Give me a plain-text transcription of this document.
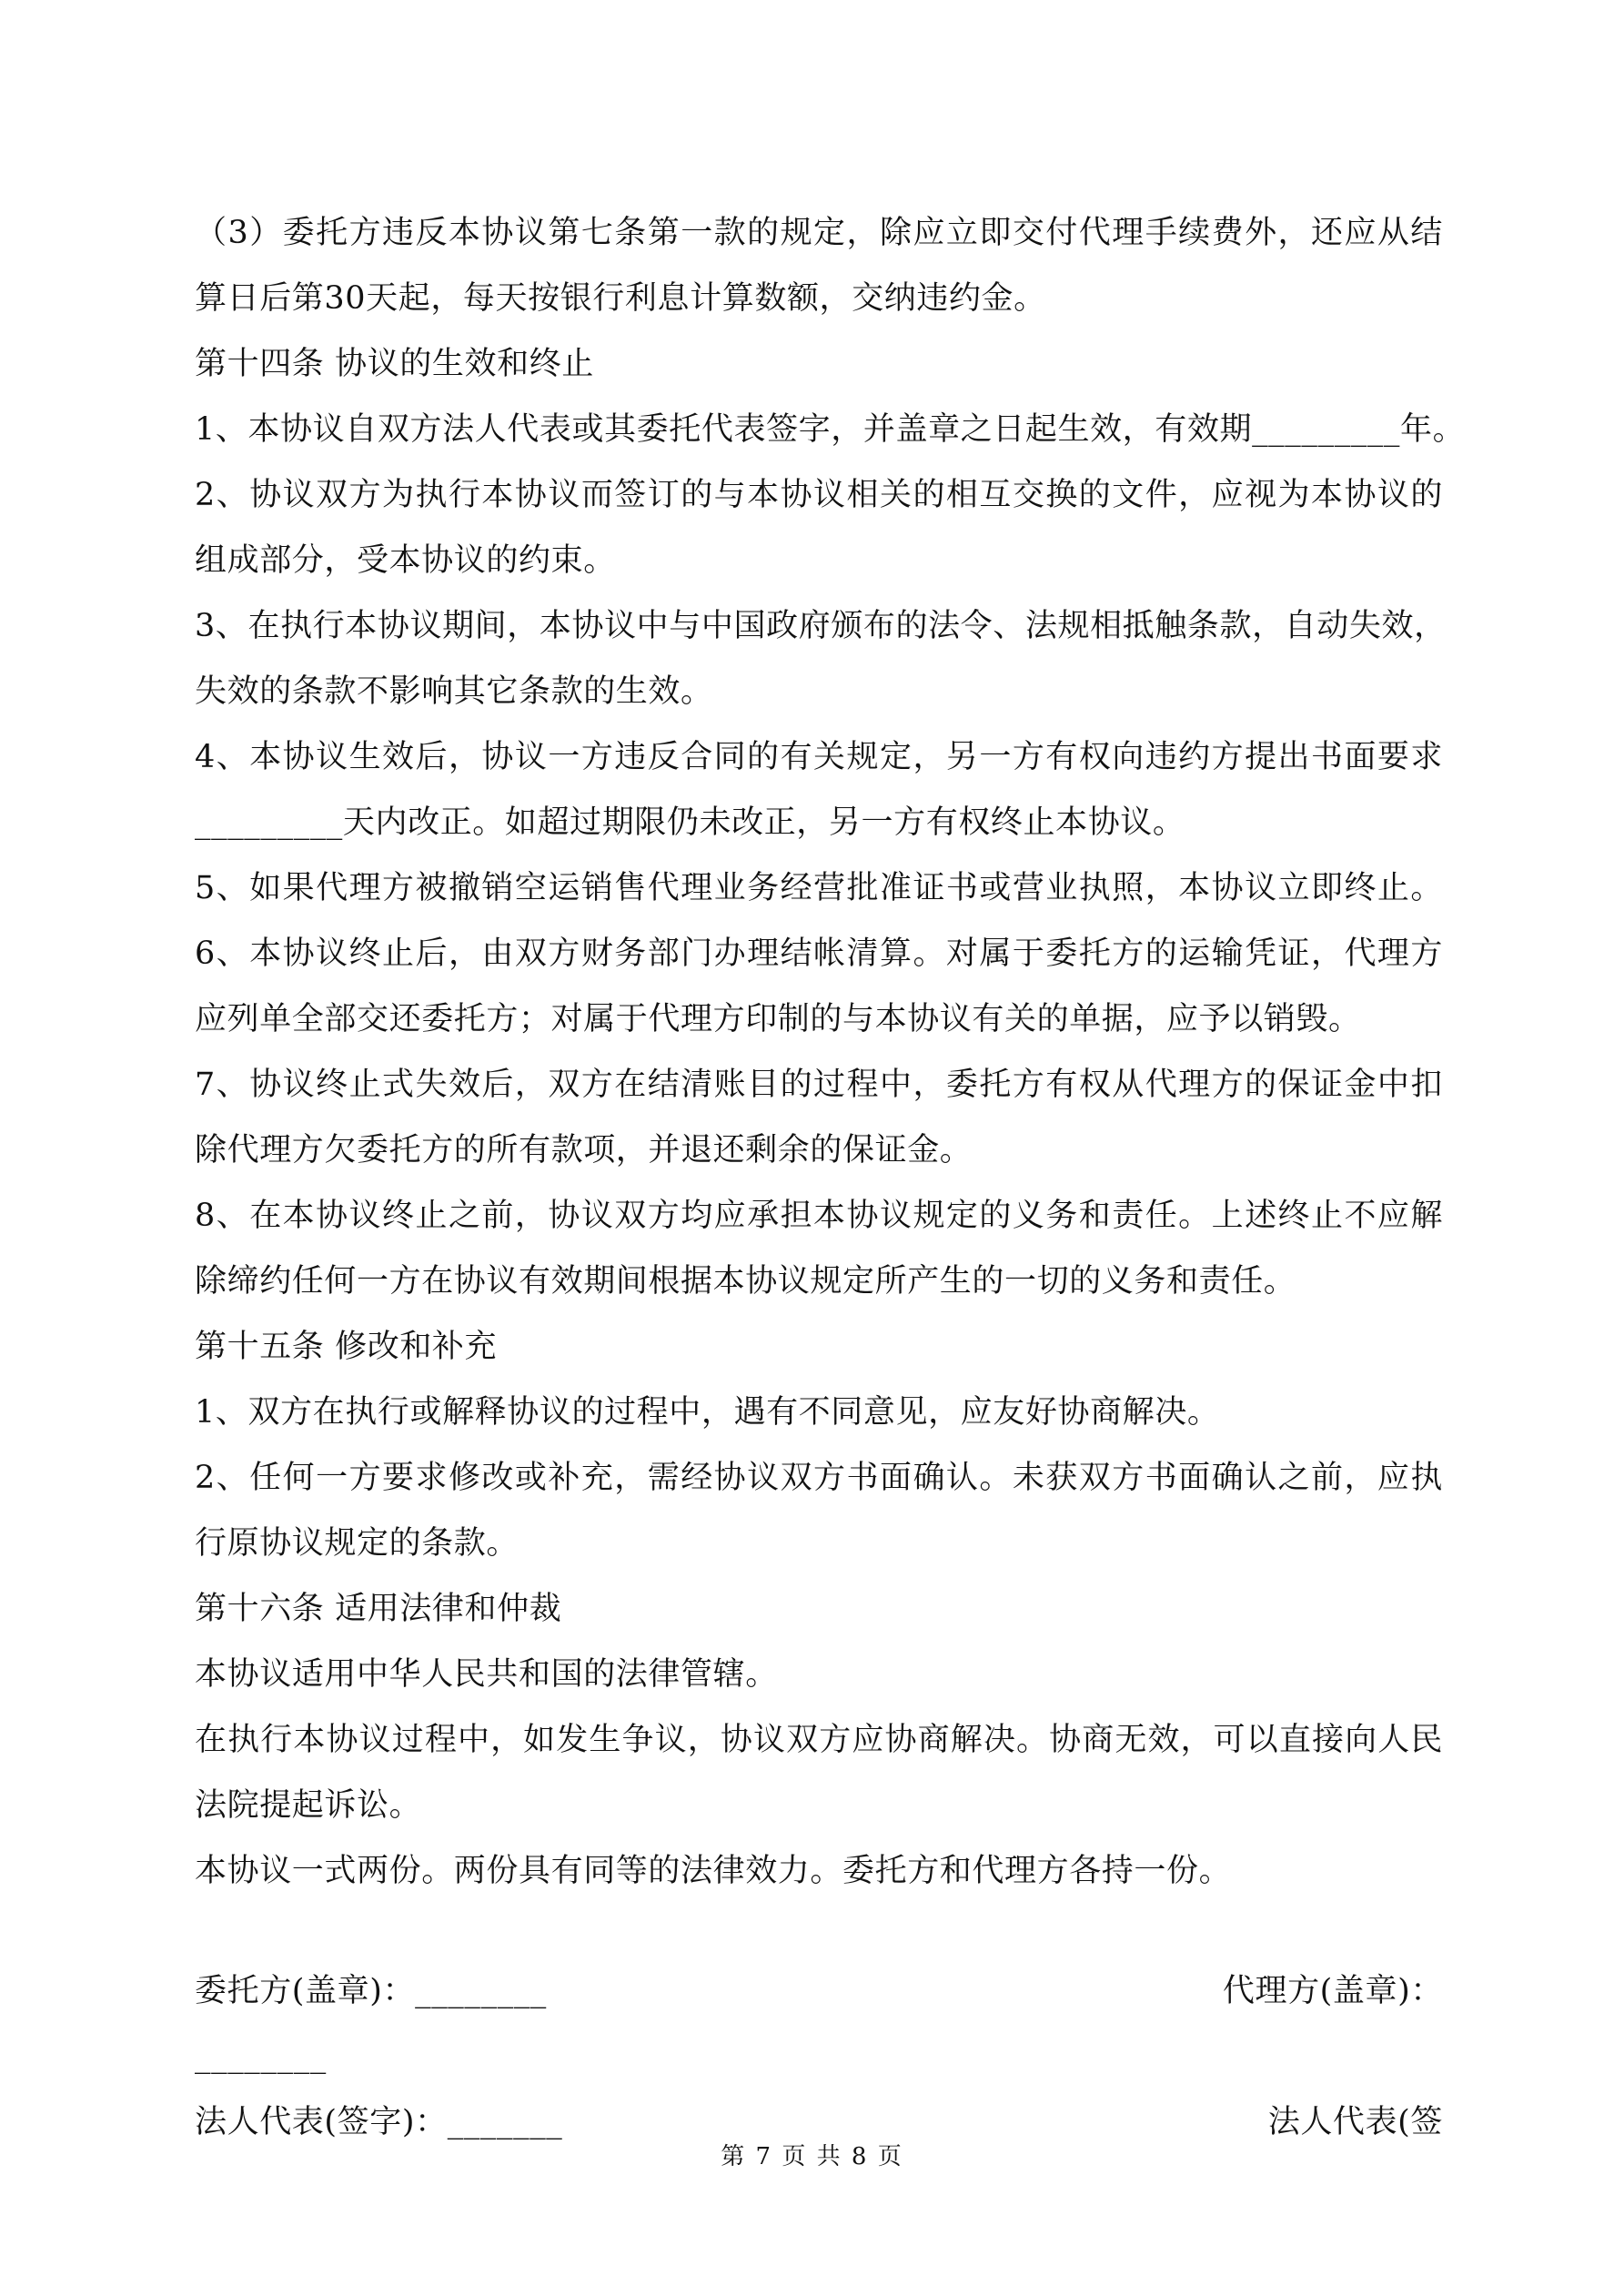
（3）委托方违反本协议第七条第一款的规定，除应立即交付代理手续费外，还应从结
算日后第30天起，每天按银行利息计算数额，交纳违约金。
第十四条 协议的生效和终止
1、本协议自双方法人代表或其委托代表签字，并盖章之日起生效，有效期_________年。
2、协议双方为执行本协议而签订的与本协议相关的相互交换的文件，应视为本协议的
组成部分，受本协议的约束。
3、在执行本协议期间，本协议中与中国政府颁布的法令、法规相抵触条款，自动失效，
失效的条款不影响其它条款的生效。
4、本协议生效后，协议一方违反合同的有关规定，另一方有权向违约方提出书面要求
_________天内改正。如超过期限仍未改正，另一方有权终止本协议。
5、如果代理方被撤销空运销售代理业务经营批准证书或营业执照，本协议立即终止。
6、本协议终止后，由双方财务部门办理结帐清算。对属于委托方的运输凭证，代理方
应列单全部交还委托方；对属于代理方印制的与本协议有关的单据，应予以销毁。
7、协议终止式失效后，双方在结清账目的过程中，委托方有权从代理方的保证金中扣
除代理方欠委托方的所有款项，并退还剩余的保证金。
8、在本协议终止之前，协议双方均应承担本协议规定的义务和责任。上述终止不应解
除缔约任何一方在协议有效期间根据本协议规定所产生的一切的义务和责任。
第十五条 修改和补充
1、双方在执行或解释协议的过程中，遇有不同意见，应友好协商解决。
2、任何一方要求修改或补充，需经协议双方书面确认。未获双方书面确认之前，应执
行原协议规定的条款。
第十六条 适用法律和仲裁
本协议适用中华人民共和国的法律管辖。
在执行本协议过程中，如发生争议，协议双方应协商解决。协商无效，可以直接向人民
法院提起诉讼。
本协议一式两份。两份具有同等的法律效力。委托方和代理方各持一份。
委托方(盖章)：________	代理方(盖章)：
________
法人代表(签字)：_______	法人代表(签
第 7 页 共 8 页
